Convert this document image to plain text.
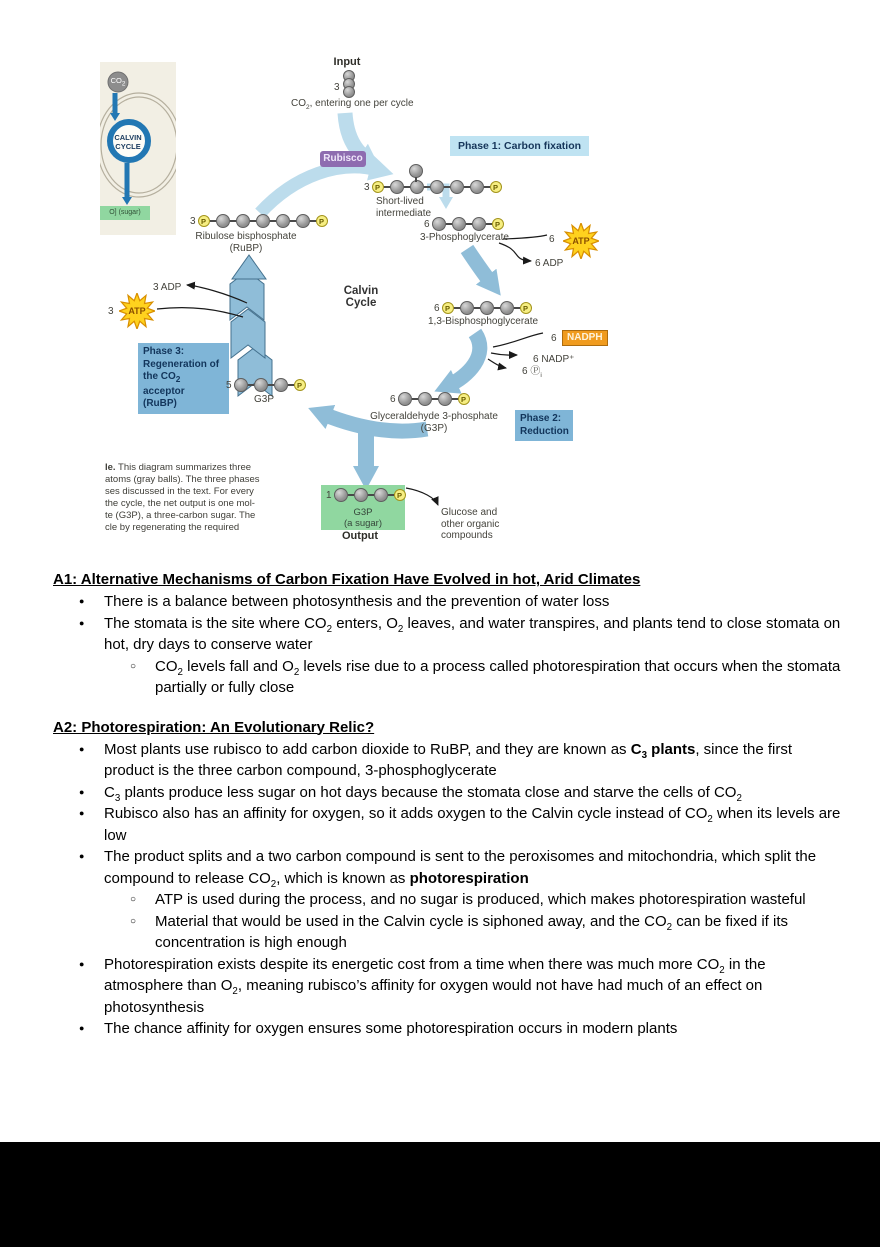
$CO_2$
CALVIN
CYCLE
O] (sugar)
Input
3
$CO_2$, entering one per cycle
Rubisco
Phase 1: Carbon fixation
Phase 3:
Regeneration of
the $CO_2$ acceptor
(RuBP)
Phase 2:
Reduction
3 P	P
3 P	P	6	P
6 P	P
5	P
6	P
Short-lived
intermediate
Ribulose bisphosphate
(RuBP)
3-Phosphoglycerate
1,3-Bisphosphoglycerate
G3P
Glyceraldehyde 3-phosphate
(G3P)
Calvin
Cycle
6	ATP
6 ADP
3 ADP
3	ATP
6	NADPH
6 NADP⁺
6 $Ⓟ_i$
G3P
(a sugar)
1	P
Output
Glucose and
other organic
compounds
le. This diagram summarizes three
atoms (gray balls). The three phases
ses discussed in the text. For every
the cycle, the net output is one mol-
te (G3P), a three-carbon sugar. The
cle by regenerating the required
A1: Alternative Mechanisms of Carbon Fixation Have Evolved in hot, Arid Climates
● There is a balance between photosynthesis and the prevention of water loss
● The stomata is the site where $CO_2$ enters, $O_2$ leaves, and water transpires, and plants tend to close stomata on hot, dry days to conserve water
○ $CO_2$ levels fall and $O_2$ levels rise due to a process called photorespiration that occurs when the stomata partially or fully close
A2: Photorespiration: An Evolutionary Relic?
● Most plants use rubisco to add carbon dioxide to RuBP, and they are known as $C_3$ plants, since the first product is the three carbon compound, 3-phosphoglycerate
● $C_3$ plants produce less sugar on hot days because the stomata close and starve the cells of $CO_2$
● Rubisco also has an affinity for oxygen, so it adds oxygen to the Calvin cycle instead of $CO_2$ when its levels are low
● The product splits and a two carbon compound is sent to the peroxisomes and mitochondria, which split the compound to release $CO_2$, which is known as photorespiration
○ ATP is used during the process, and no sugar is produced, which makes photorespiration wasteful
○ Material that would be used in the Calvin cycle is siphoned away, and the $CO_2$ can be fixed if its concentration is high enough
● Photorespiration exists despite its energetic cost from a time when there was much more $CO_2$ in the atmosphere than $O_2$, meaning rubisco’s affinity for oxygen would not have had much of an effect on photosynthesis
● The chance affinity for oxygen ensures some photorespiration occurs in modern plants
